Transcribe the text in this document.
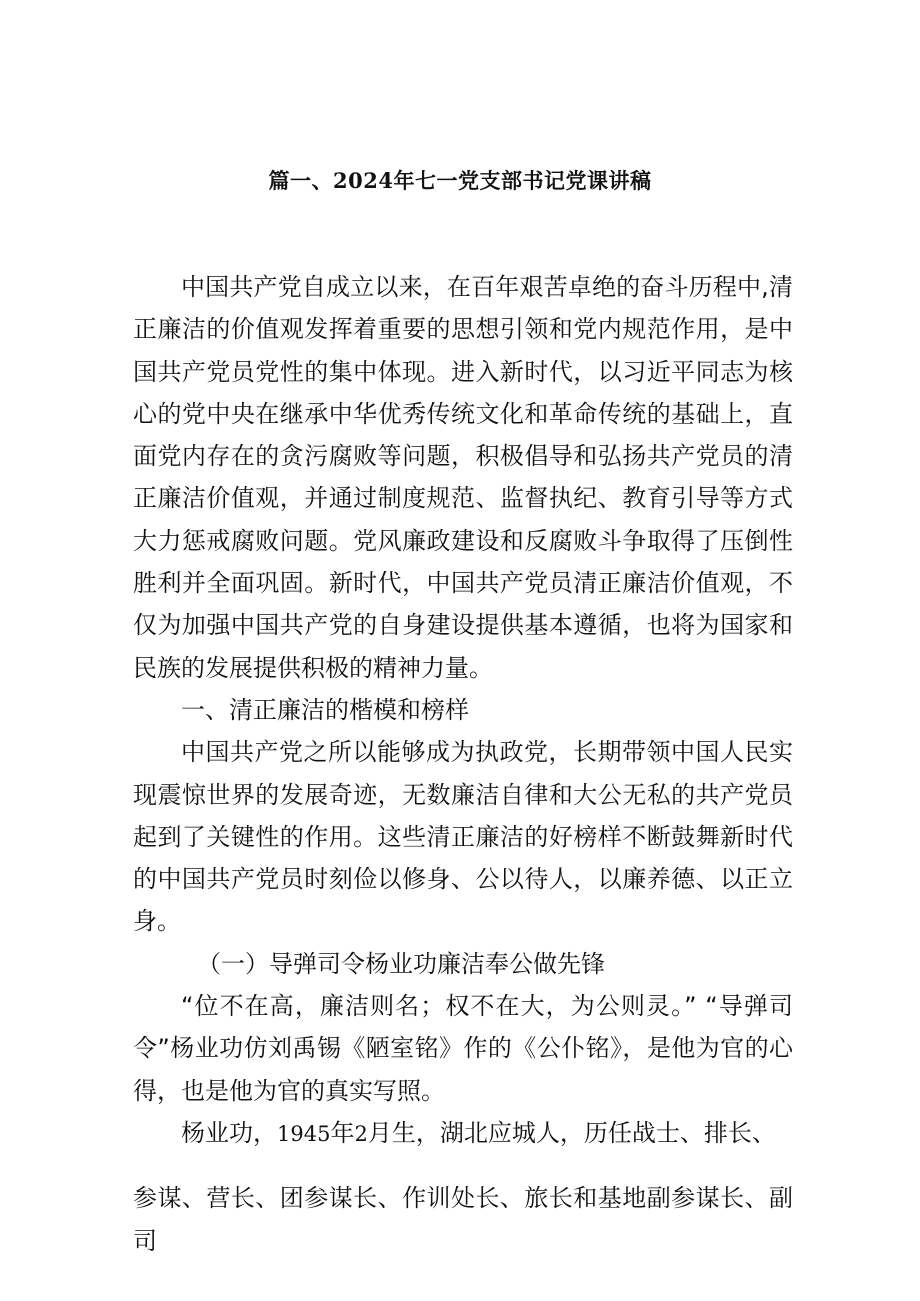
篇一、2024年七一党支部书记党课讲稿

中国共产党自成立以来，在百年艰苦卓绝的奋斗历程中,清正廉洁的价值观发挥着重要的思想引领和党内规范作用，是中国共产党员党性的集中体现。进入新时代，以习近平同志为核心的党中央在继承中华优秀传统文化和革命传统的基础上，直面党内存在的贪污腐败等问题，积极倡导和弘扬共产党员的清正廉洁价值观，并通过制度规范、监督执纪、教育引导等方式大力惩戒腐败问题。党风廉政建设和反腐败斗争取得了压倒性胜利并全面巩固。新时代，中国共产党员清正廉洁价值观，不仅为加强中国共产党的自身建设提供基本遵循，也将为国家和民族的发展提供积极的精神力量。

一、清正廉洁的楷模和榜样

中国共产党之所以能够成为执政党，长期带领中国人民实现震惊世界的发展奇迹，无数廉洁自律和大公无私的共产党员起到了关键性的作用。这些清正廉洁的好榜样不断鼓舞新时代的中国共产党员时刻俭以修身、公以待人，以廉养德、以正立身。

（一）导弹司令杨业功廉洁奉公做先锋

“位不在高，廉洁则名；权不在大，为公则灵。” “导弹司令”杨业功仿刘禹锡《陋室铭》作的《公仆铭》，是他为官的心得，也是他为官的真实写照。

杨业功，1945年2月生，湖北应城人，历任战士、排长、

参谋、营长、团参谋长、作训处长、旅长和基地副参谋长、副司
